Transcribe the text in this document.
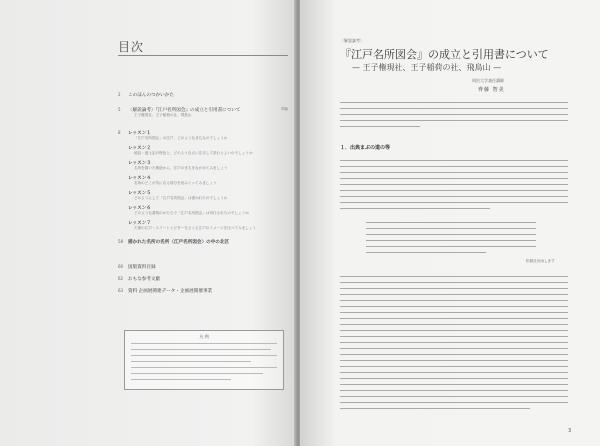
目次
2	このほんのつかいかた
5	〈解説論考〉『江戸名所図会』の成立と引用書について
王子権現社、王子稲荷の社、飛鳥山
齊藤
8	レッスン１
「江戸名所図会」の江戸、どのようなまちなのでしょうか
レッスン２
地誌・風土記の特色と、どのような点に注目して読むとよいのでしょうか
レッスン３
名所を描いた挿絵から、江戸のまちをながめてみましょう
レッスン４
名所のどこが気になる部分を読みとってみましょう
レッスン５
どのようにして「江戸名所図会」は書かれたのでしょうか
レッスン６
どのような書物のかたちで「江戸名所図会」は刊行されたのでしょうか
レッスン７
天保の江戸・スイートとビターをさぐる江戸のイメージを比べてみましょう
58	描かれた名所の名所〈江戸名所図会〉の中の北区
60	図版資料目録
62	おもな参考文献
63	資料 企画展関連データ・企画展開催事業
凡 例
〈解説論考〉
『江戸名所図会』の成立と引用書について
— 王子権現社、王子稲荷の社、飛鳥山 —
明治大学兼任講師
齊藤 智美
１．出典まぶの道の等
松源社出雨します
3
